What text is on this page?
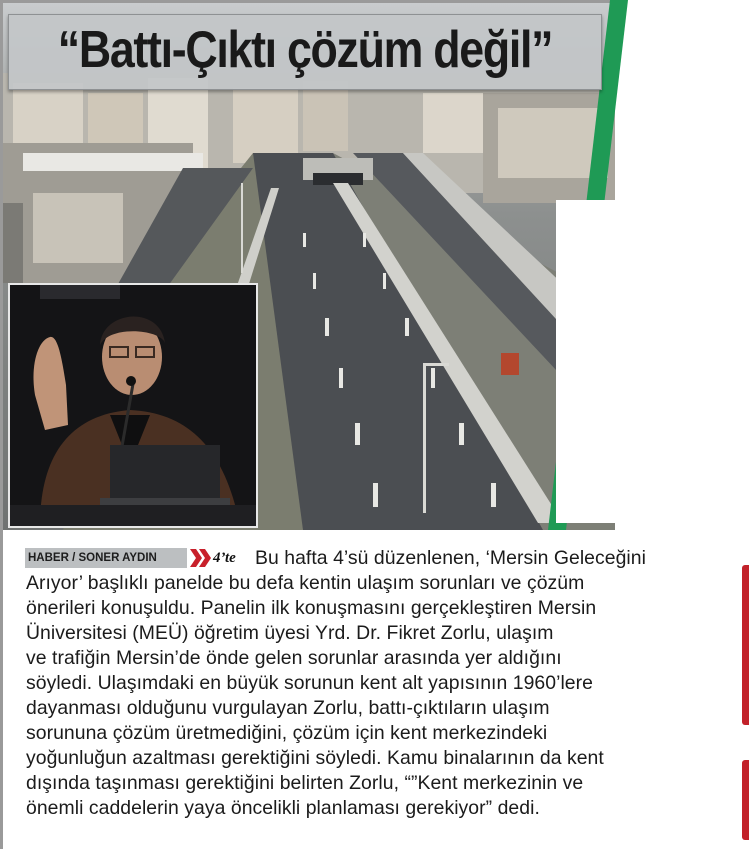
“Battı-Çıktı çözüm değil”
HABER / SONER AYDIN	4’te Bu hafta 4’sü düzenlenen, ‘Mersin Geleceğini
Arıyor’ başlıklı panelde bu defa kentin ulaşım sorunları ve çözüm
önerileri konuşuldu. Panelin ilk konuşmasını gerçekleştiren Mersin
Üniversitesi (MEÜ) öğretim üyesi Yrd. Dr. Fikret Zorlu, ulaşım
ve trafiğin Mersin’de önde gelen sorunlar arasında yer aldığını
söyledi. Ulaşımdaki en büyük sorunun kent alt yapısının 1960’lere
dayanması olduğunu vurgulayan Zorlu, battı-çıktıların ulaşım
sorununa çözüm üretmediğini, çözüm için kent merkezindeki
yoğunluğun azaltması gerektiğini söyledi. Kamu binalarının da kent
dışında taşınması gerektiğini belirten Zorlu, “”Kent merkezinin ve
önemli caddelerin yaya öncelikli planlaması gerekiyor” dedi.
